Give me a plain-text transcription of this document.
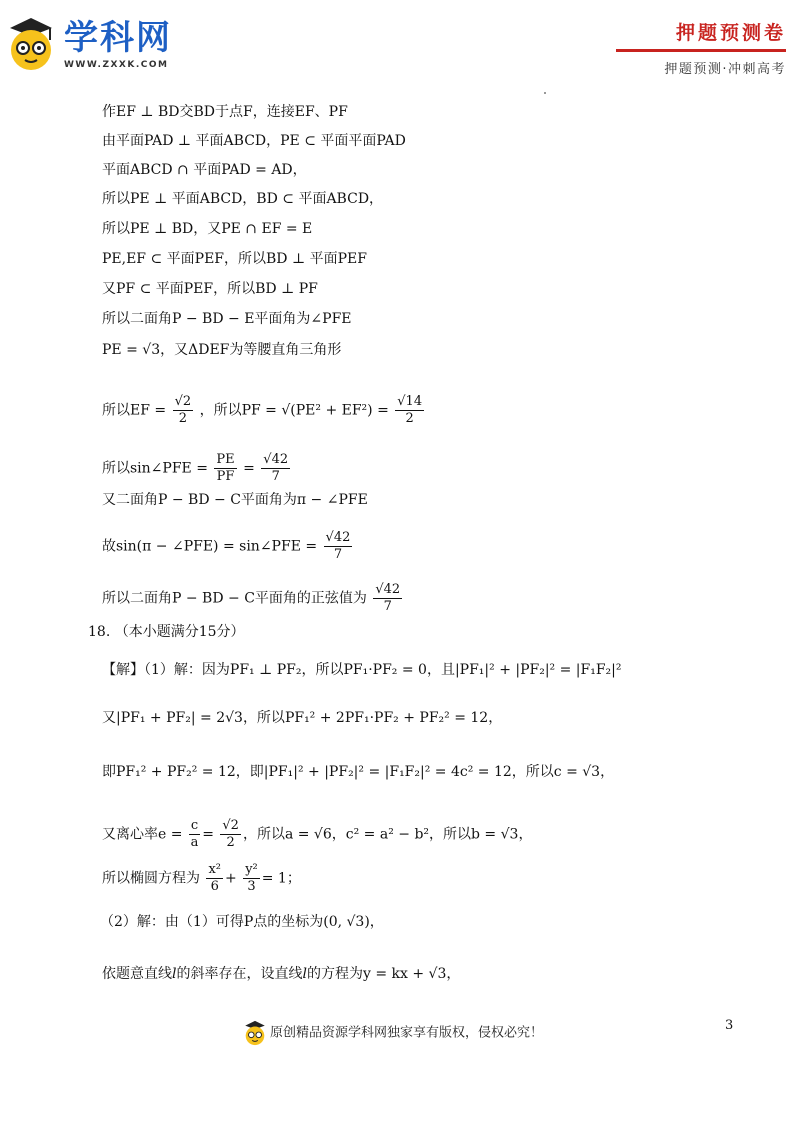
学科网
WWW.ZXXK.COM
押题预测卷
押题预测·冲刺高考
作EF ⊥ BD交BD于点F，连接EF、PF
由平面PAD ⊥ 平面ABCD，PE ⊂ 平面平面PAD
平面ABCD ∩ 平面PAD = AD，
所以PE ⊥ 平面ABCD，BD ⊂ 平面ABCD，
所以PE ⊥ BD，又PE ∩ EF = E
PE,EF ⊂ 平面PEF，所以BD ⊥ 平面PEF
又PF ⊂ 平面PEF，所以BD ⊥ PF
所以二面角P − BD − E平面角为∠PFE
PE = √3，又ΔDEF为等腰直角三角形
所以EF = $\frac{√2}{2}$ ，所以PF = $√(PE^2 + EF^2) = \frac{√14}{2}$
所以sin∠PFE = $\frac{PE}{PF} = \frac{√42}{7}$
又二面角P − BD − C平面角为π − ∠PFE
故sin(π − ∠PFE) = sin∠PFE = $\frac{√42}{7}$
所以二面角P − BD − C平面角的正弦值为 $\frac{√42}{7}$
18. （本小题满分15分）
【解】（1）解：因为PF₁ ⊥ PF₂，所以PF₁·PF₂ = 0，且|PF₁|² + |PF₂|² = |F₁F₂|²
又|PF₁ + PF₂| = 2√3，所以PF₁² + 2PF₁·PF₂ + PF₂² = 12，
即PF₁² + PF₂² = 12，即|PF₁|² + |PF₂|² = |F₁F₂|² = 4c² = 12，所以c = √3，
又离心率$e = \frac{c}{a} = \frac{√2}{2}$ ，所以a = √6，c² = a² − b²，所以b = √3，
所以椭圆方程为 $\frac{\text{x²}}{6} + \frac{\text{y²}}{3} = 1$；
（2）解：由（1）可得P点的坐标为(0, √3)，
依题意直线l的斜率存在，设直线l的方程为y = kx + √3，
3
原创精品资源学科网独家享有版权，侵权必究！
